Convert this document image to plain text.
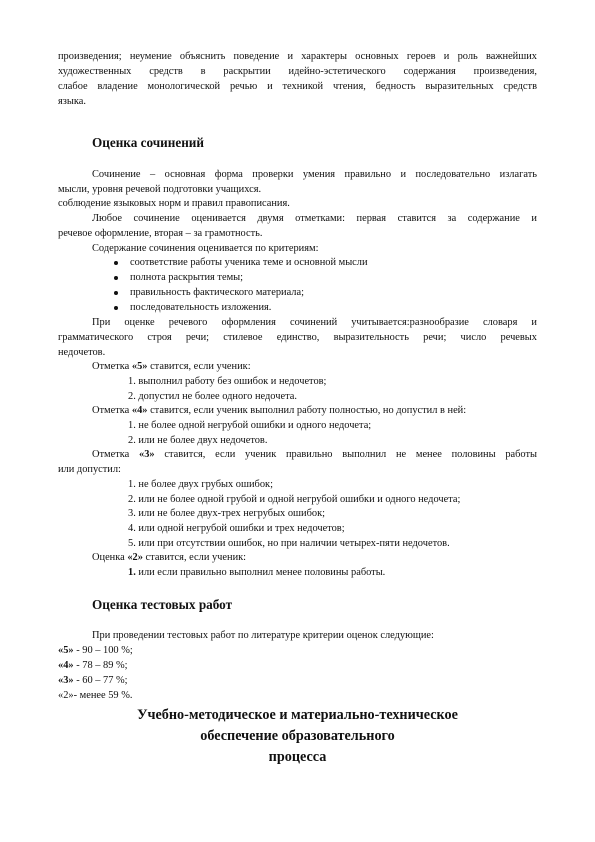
произведения; неумение объяснить поведение и характеры основных героев и роль важнейших

художественных средств в раскрытии идейно-эстетического содержания произведения,

слабое владение монологической речью и техникой чтения, бедность выразительных средств

языка.

Оценка сочинений

Сочинение – основная форма проверки умения правильно и последовательно излагать

мысли, уровня речевой подготовки учащихся.

соблюдение языковых норм и правил правописания.

Любое сочинение оценивается двумя отметками: первая ставится за содержание и

речевое оформление, вторая – за грамотность.

Содержание сочинения оценивается по критериям:

соответствие работы ученика теме и основной мысли

полнота раскрытия темы;

правильность фактического материала;

последовательность изложения.

При оценке речевого оформления сочинений учитывается:разнообразие словаря и

грамматического строя речи; стилевое единство, выразительность речи; число речевых

недочетов.

Отметка «5» ставится, если ученик:

1. выполнил работу без ошибок и недочетов;

2. допустил не более одного недочета.

Отметка «4» ставится, если ученик выполнил работу полностью, но допустил в ней:

1. не более одной негрубой ошибки и одного недочета;

2. или не более двух недочетов.

Отметка «3» ставится, если ученик правильно выполнил не менее половины работы

или допустил:

1. не более двух грубых ошибок;

2. или не более одной грубой и одной негрубой ошибки и одного недочета;

3. или не более двух-трех негрубых ошибок;

4. или одной негрубой ошибки и трех недочетов;

5. или при отсутствии ошибок, но при наличии четырех-пяти недочетов.

Оценка «2» ставится, если ученик:

1. или если правильно выполнил менее половины работы.

Оценка тестовых работ

При проведении тестовых работ по литературе критерии оценок следующие:

«5» - 90 – 100 %;

«4» - 78 – 89 %;

«3» - 60 – 77 %;

«2»- менее 59 %.

Учебно-методическое и материально-техническое
обеспечение образовательного
процесса
